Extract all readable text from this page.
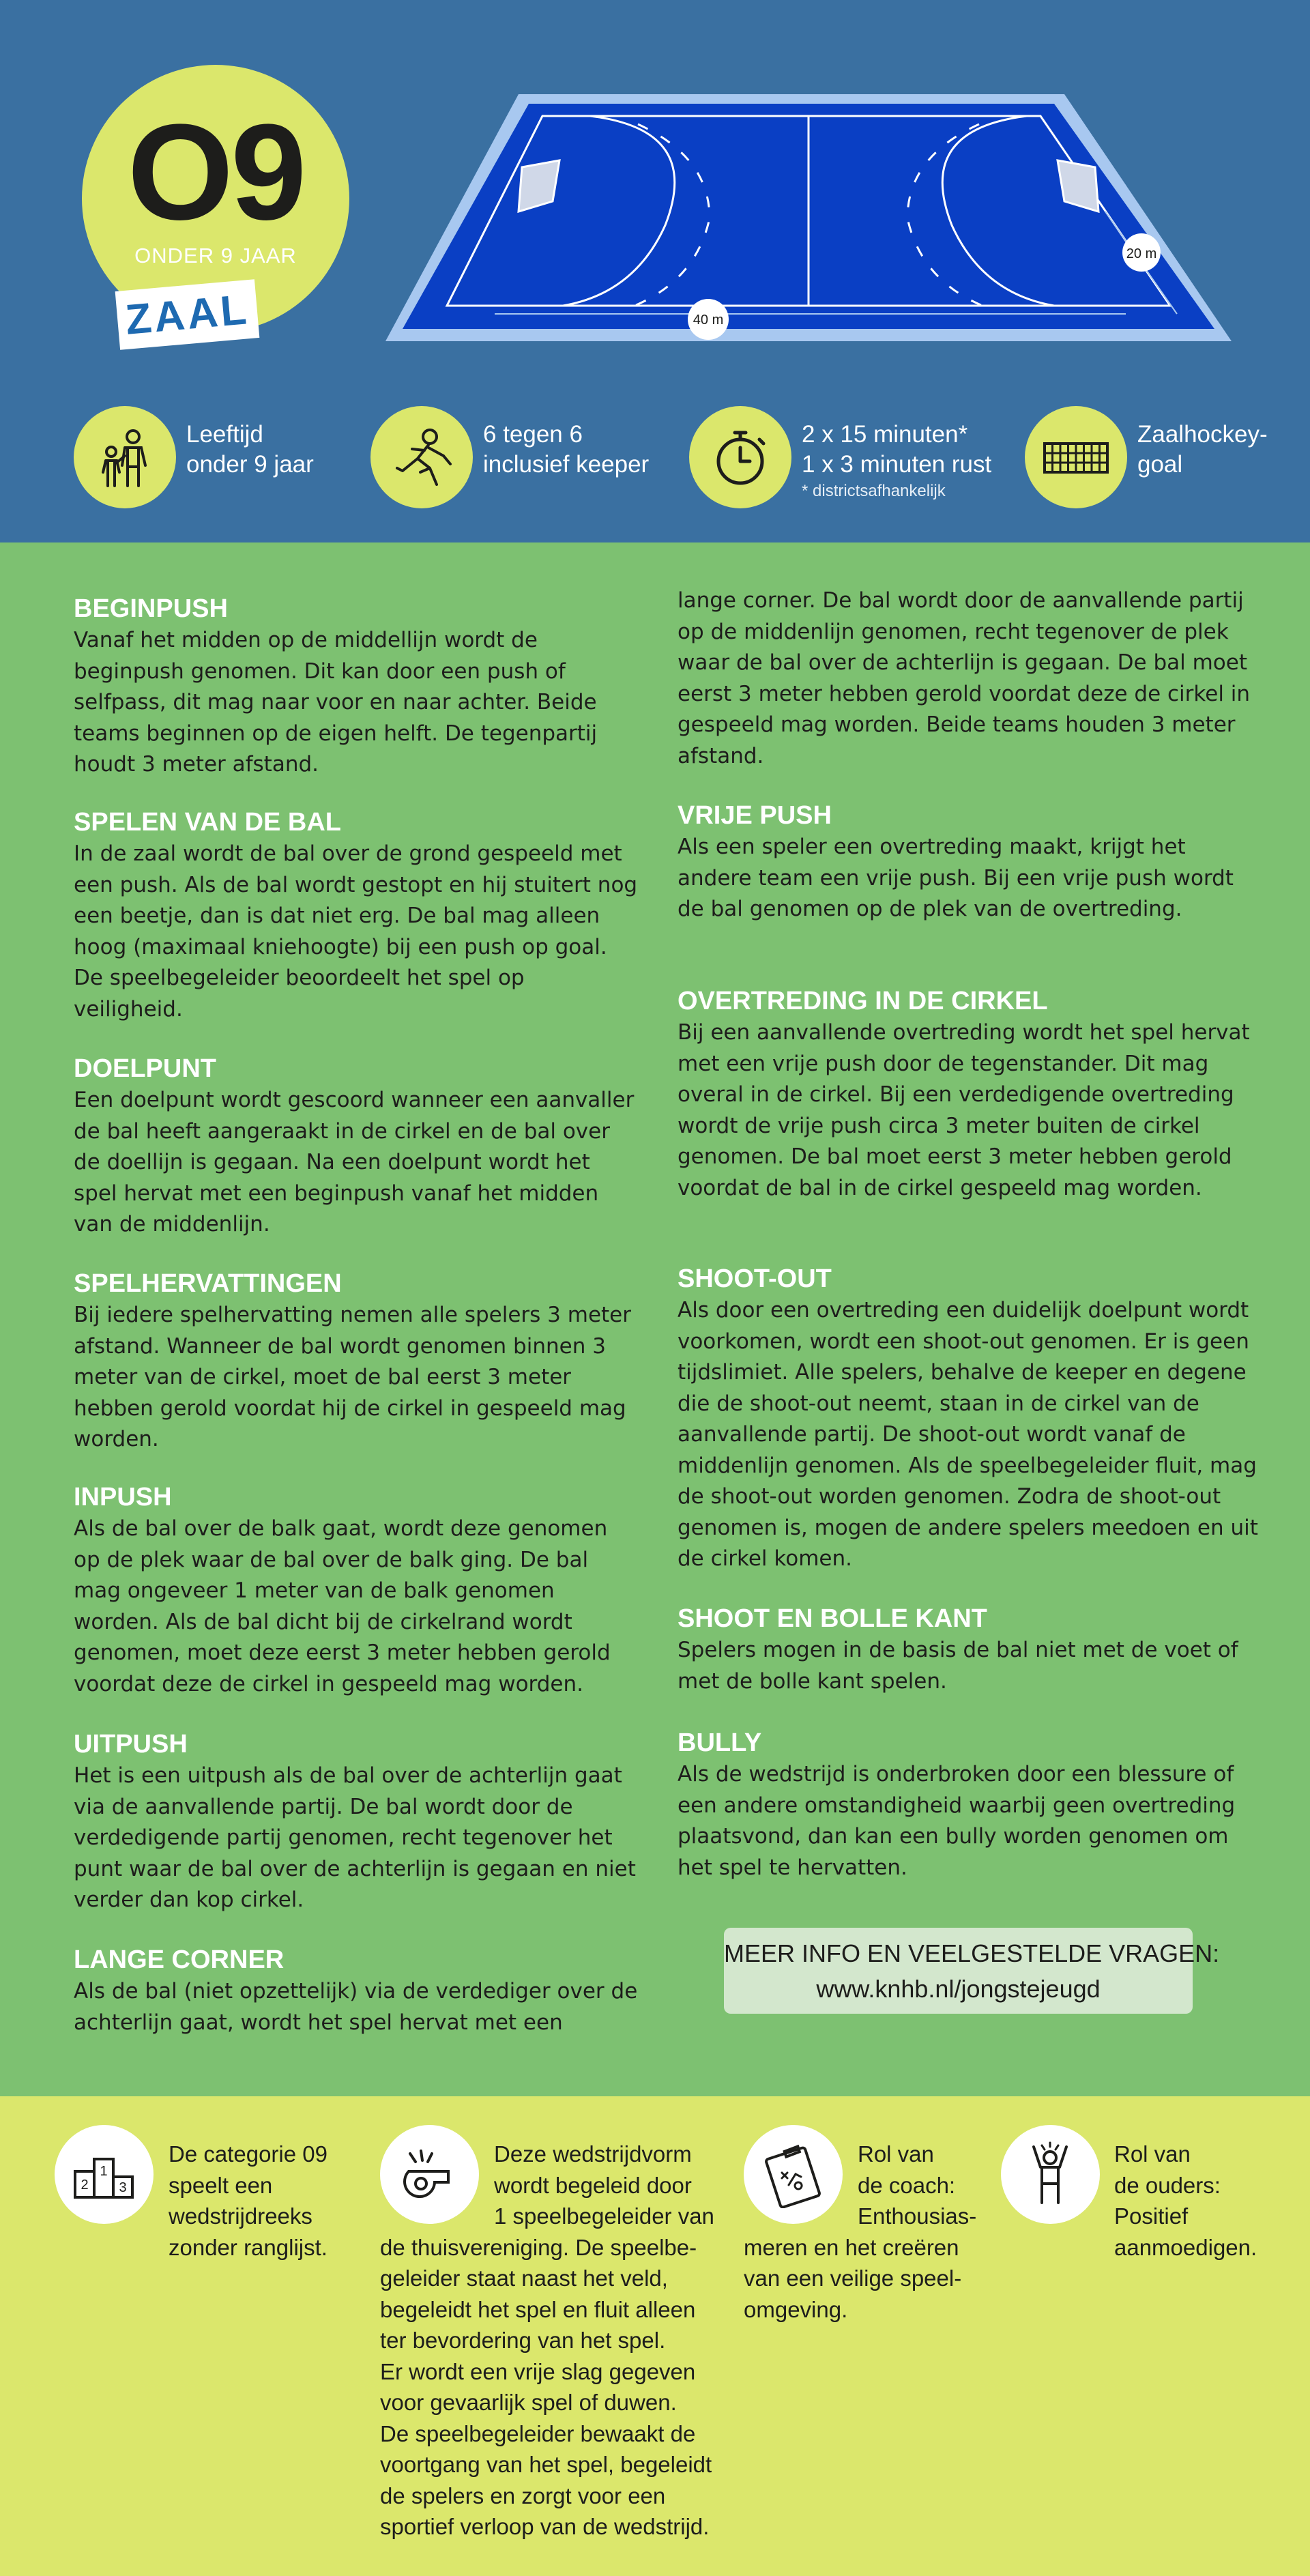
O9
ONDER 9 JAAR
ZAAL
20 m
40 m
Leeftijd
onder 9 jaar
6 tegen 6
inclusief keeper
2 x 15 minuten*
1 x 3 minuten rust
* districtsafhankelijk
Zaalhockey-
goal
BEGINPUSH
Vanaf het midden op de middellijn wordt de beginpush genomen. Dit kan door een push of selfpass, dit mag naar voor en naar achter. Beide teams beginnen op de eigen helft. De tegenpartij houdt 3 meter afstand.
SPELEN VAN DE BAL
In de zaal wordt de bal over de grond gespeeld met een push. Als de bal wordt gestopt en hij stuitert nog een beetje, dan is dat niet erg. De bal mag alleen hoog (maximaal kniehoogte) bij een push op goal. De speelbegeleider beoordeelt het spel op veiligheid.
DOELPUNT
Een doelpunt wordt gescoord wanneer een aanvaller de bal heeft aangeraakt in de cirkel en de bal over de doellijn is gegaan. Na een doelpunt wordt het spel hervat met een beginpush vanaf het midden van de middenlijn.
SPELHERVATTINGEN
Bij iedere spelhervatting nemen alle spelers 3 meter afstand. Wanneer de bal wordt genomen binnen 3 meter van de cirkel, moet de bal eerst 3 meter hebben gerold voordat hij de cirkel in gespeeld mag worden.
INPUSH
Als de bal over de balk gaat, wordt deze genomen op de plek waar de bal over de balk ging. De bal mag ongeveer 1 meter van de balk genomen worden. Als de bal dicht bij de cirkelrand wordt genomen, moet deze eerst 3 meter hebben gerold voordat deze de cirkel in gespeeld mag worden.
UITPUSH
Het is een uitpush als de bal over de achterlijn gaat via de aanvallende partij. De bal wordt door de verdedigende partij genomen, recht tegenover het punt waar de bal over de achterlijn is gegaan en niet verder dan kop cirkel.
LANGE CORNER
Als de bal (niet opzettelijk) via de verdediger over de achterlijn gaat, wordt het spel hervat met een
lange corner. De bal wordt door de aanvallende partij op de middenlijn genomen, recht tegenover de plek waar de bal over de achterlijn is gegaan. De bal moet eerst 3 meter hebben gerold voordat deze de cirkel in gespeeld mag worden. Beide teams houden 3 meter afstand.
VRIJE PUSH
Als een speler een overtreding maakt, krijgt het andere team een vrije push. Bij een vrije push wordt de bal genomen op de plek van de overtreding.
OVERTREDING IN DE CIRKEL
Bij een aanvallende overtreding wordt het spel hervat met een vrije push door de tegenstander. Dit mag overal in de cirkel. Bij een verdedigende overtreding wordt de vrije push circa 3 meter buiten de cirkel genomen. De bal moet eerst 3 meter hebben gerold voordat de bal in de cirkel gespeeld mag worden.
SHOOT-OUT
Als door een overtreding een duidelijk doelpunt wordt voorkomen, wordt een shoot-out genomen. Er is geen tijdslimiet. Alle spelers, behalve de keeper en degene die de shoot-out neemt, staan in de cirkel van de aanvallende partij. De shoot-out wordt vanaf de middenlijn genomen. Als de speelbegeleider fluit, mag de shoot-out worden genomen. Zodra de shoot-out genomen is, mogen de andere spelers meedoen en uit de cirkel komen.
SHOOT EN BOLLE KANT
Spelers mogen in de basis de bal niet met de voet of met de bolle kant spelen.
BULLY
Als de wedstrijd is onderbroken door een blessure of een andere omstandigheid waarbij geen overtreding plaatsvond, dan kan een bully worden genomen om het spel te hervatten.
MEER INFO EN VEELGESTELDE VRAGEN:
www.knhb.nl/jongstejeugd
1
2 3
De categorie 09
speelt een
wedstrijdreeks
zonder ranglijst.
Deze wedstrijdvorm
wordt begeleid door
1 speelbegeleider van
de thuisvereniging. De speelbe-
geleider staat naast het veld,
begeleidt het spel en fluit alleen
ter bevordering van het spel.
Er wordt een vrije slag gegeven
voor gevaarlijk spel of duwen.
De speelbegeleider bewaakt de
voortgang van het spel, begeleidt
de spelers en zorgt voor een
sportief verloop van de wedstrijd.
Rol van
de coach:
Enthousias-
meren en het creëren
van een veilige speel-
omgeving.
Rol van
de ouders:
Positief
aanmoedigen.
